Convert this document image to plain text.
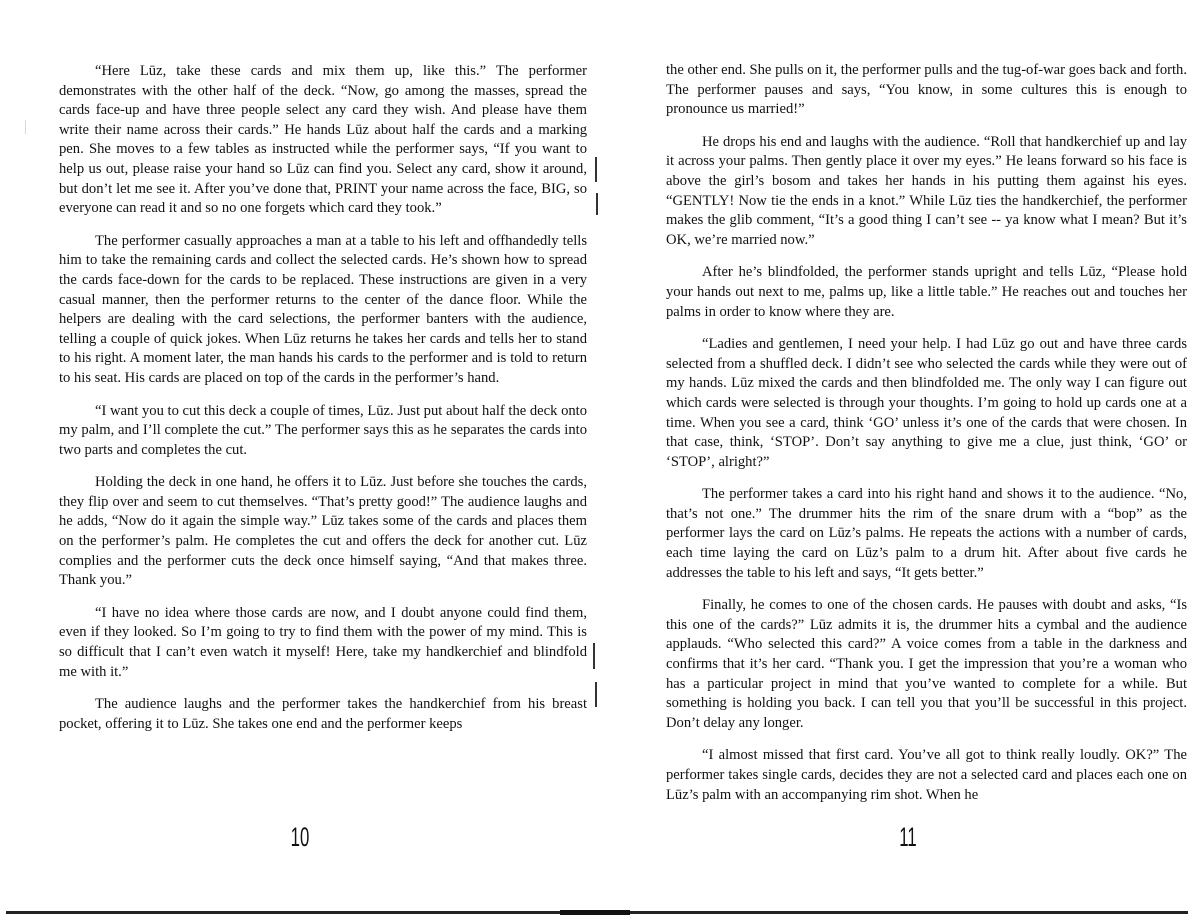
“Here Lūz, take these cards and mix them up, like this.” The performer demonstrates with the other half of the deck. “Now, go among the masses, spread the cards face-up and have three people select any card they wish. And please have them write their name across their cards.” He hands Lūz about half the cards and a marking pen. She moves to a few tables as instructed while the performer says, “If you want to help us out, please raise your hand so Lūz can find you. Select any card, show it around, but don’t let me see it. After you’ve done that, PRINT your name across the face, BIG, so everyone can read it and so no one forgets which card they took.”

The performer casually approaches a man at a table to his left and offhandedly tells him to take the remaining cards and collect the selected cards. He’s shown how to spread the cards face-down for the cards to be replaced. These instructions are given in a very casual manner, then the performer returns to the center of the dance floor. While the helpers are dealing with the card selections, the performer banters with the audience, telling a couple of quick jokes. When Lūz returns he takes her cards and tells her to stand to his right. A moment later, the man hands his cards to the performer and is told to return to his seat. His cards are placed on top of the cards in the performer’s hand.

“I want you to cut this deck a couple of times, Lūz. Just put about half the deck onto my palm, and I’ll complete the cut.” The performer says this as he separates the cards into two parts and completes the cut.

Holding the deck in one hand, he offers it to Lūz. Just before she touches the cards, they flip over and seem to cut themselves. “That’s pretty good!” The audience laughs and he adds, “Now do it again the simple way.” Lūz takes some of the cards and places them on the performer’s palm. He completes the cut and offers the deck for another cut. Lūz complies and the performer cuts the deck once himself saying, “And that makes three. Thank you.”

“I have no idea where those cards are now, and I doubt anyone could find them, even if they looked. So I’m going to try to find them with the power of my mind. This is so difficult that I can’t even watch it myself! Here, take my handkerchief and blindfold me with it.”

The audience laughs and the performer takes the handkerchief from his breast pocket, offering it to Lūz. She takes one end and the performer keeps

10

the other end. She pulls on it, the performer pulls and the tug-of-war goes back and forth. The performer pauses and says, “You know, in some cultures this is enough to pronounce us married!”

He drops his end and laughs with the audience. “Roll that handkerchief up and lay it across your palms. Then gently place it over my eyes.” He leans forward so his face is above the girl’s bosom and takes her hands in his putting them against his eyes. “GENTLY! Now tie the ends in a knot.” While Lūz ties the handkerchief, the performer makes the glib comment, “It’s a good thing I can’t see -- ya know what I mean? But it’s OK, we’re married now.”

After he’s blindfolded, the performer stands upright and tells Lūz, “Please hold your hands out next to me, palms up, like a little table.” He reaches out and touches her palms in order to know where they are.

“Ladies and gentlemen, I need your help. I had Lūz go out and have three cards selected from a shuffled deck. I didn’t see who selected the cards while they were out of my hands. Lūz mixed the cards and then blindfolded me. The only way I can figure out which cards were selected is through your thoughts. I’m going to hold up cards one at a time. When you see a card, think ‘GO’ unless it’s one of the cards that were chosen. In that case, think, ‘STOP’. Don’t say anything to give me a clue, just think, ‘GO’ or ‘STOP’, alright?”

The performer takes a card into his right hand and shows it to the audience. “No, that’s not one.” The drummer hits the rim of the snare drum with a “bop” as the performer lays the card on Lūz’s palms. He repeats the actions with a number of cards, each time laying the card on Lūz’s palm to a drum hit. After about five cards he addresses the table to his left and says, “It gets better.”

Finally, he comes to one of the chosen cards. He pauses with doubt and asks, “Is this one of the cards?” Lūz admits it is, the drummer hits a cymbal and the audience applauds. “Who selected this card?” A voice comes from a table in the darkness and confirms that it’s her card. “Thank you. I get the impression that you’re a woman who has a particular project in mind that you’ve wanted to complete for a while. But something is holding you back. I can tell you that you’ll be successful in this project. Don’t delay any longer.

“I almost missed that first card. You’ve all got to think really loudly. OK?” The performer takes single cards, decides they are not a selected card and places each one on Lūz’s palm with an accompanying rim shot. When he

11
